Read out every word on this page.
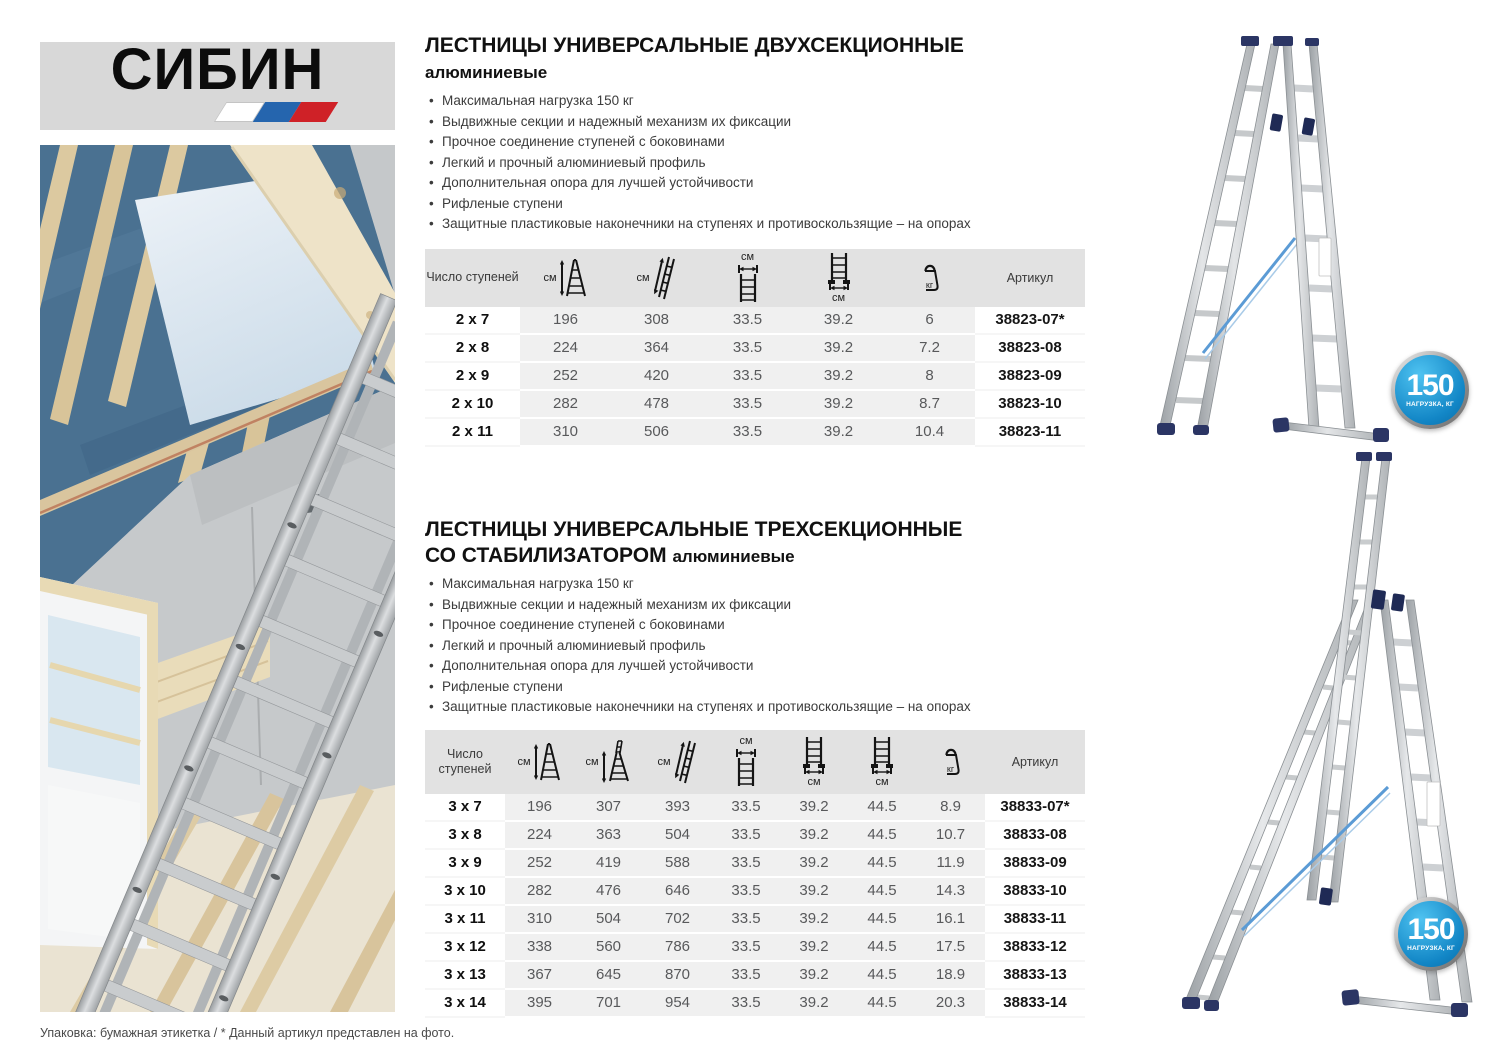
СИБИН	ЛЕСТНИЦЫ УНИВЕРСАЛЬНЫЕ ДВУХСЕКЦИОННЫЕ
алюминиевые
• Максимальная нагрузка 150 кг
• Выдвижные секции и надежный механизм их фиксации
• Прочное соединение ступеней с боковинами
• Легкий и прочный алюминиевый профиль
• Дополнительная опора для лучшей устойчивости
• Рифленые ступени
• Защитные пластиковые наконечники на ступенях и противоскользящие – на опорах
Число ступеней	см	см	см	см	кг	Артикул
2 х 7	196	308	33.5	39.2	6	38823-07*
2 х 8	224	364	33.5	39.2	7.2	38823-08
2 х 9	252	420	33.5	39.2	8	38823-09
2 х 10	282	478	33.5	39.2	8.7	38823-10
2 х 11	310	506	33.5	39.2	10.4	38823-11
ЛЕСТНИЦЫ УНИВЕРСАЛЬНЫЕ ТРЕХСЕКЦИОННЫЕ
СО СТАБИЛИЗАТОРОМ алюминиевые
• Максимальная нагрузка 150 кг
• Выдвижные секции и надежный механизм их фиксации
• Прочное соединение ступеней с боковинами
• Легкий и прочный алюминиевый профиль
• Дополнительная опора для лучшей устойчивости
• Рифленые ступени
• Защитные пластиковые наконечники на ступенях и противоскользящие – на опорах
Число ступеней	см	см	см	см	см	см	кг	Артикул
3 х 7	196	307	393	33.5	39.2	44.5	8.9	38833-07*
3 х 8	224	363	504	33.5	39.2	44.5	10.7	38833-08
3 х 9	252	419	588	33.5	39.2	44.5	11.9	38833-09
3 х 10	282	476	646	33.5	39.2	44.5	14.3	38833-10
3 х 11	310	504	702	33.5	39.2	44.5	16.1	38833-11
3 х 12	338	560	786	33.5	39.2	44.5	17.5	38833-12
3 х 13	367	645	870	33.5	39.2	44.5	18.9	38833-13
3 х 14	395	701	954	33.5	39.2	44.5	20.3	38833-14
150
НАГРУЗКА, КГ
150
НАГРУЗКА, КГ
Упаковка: бумажная этикетка / * Данный артикул представлен на фото.
